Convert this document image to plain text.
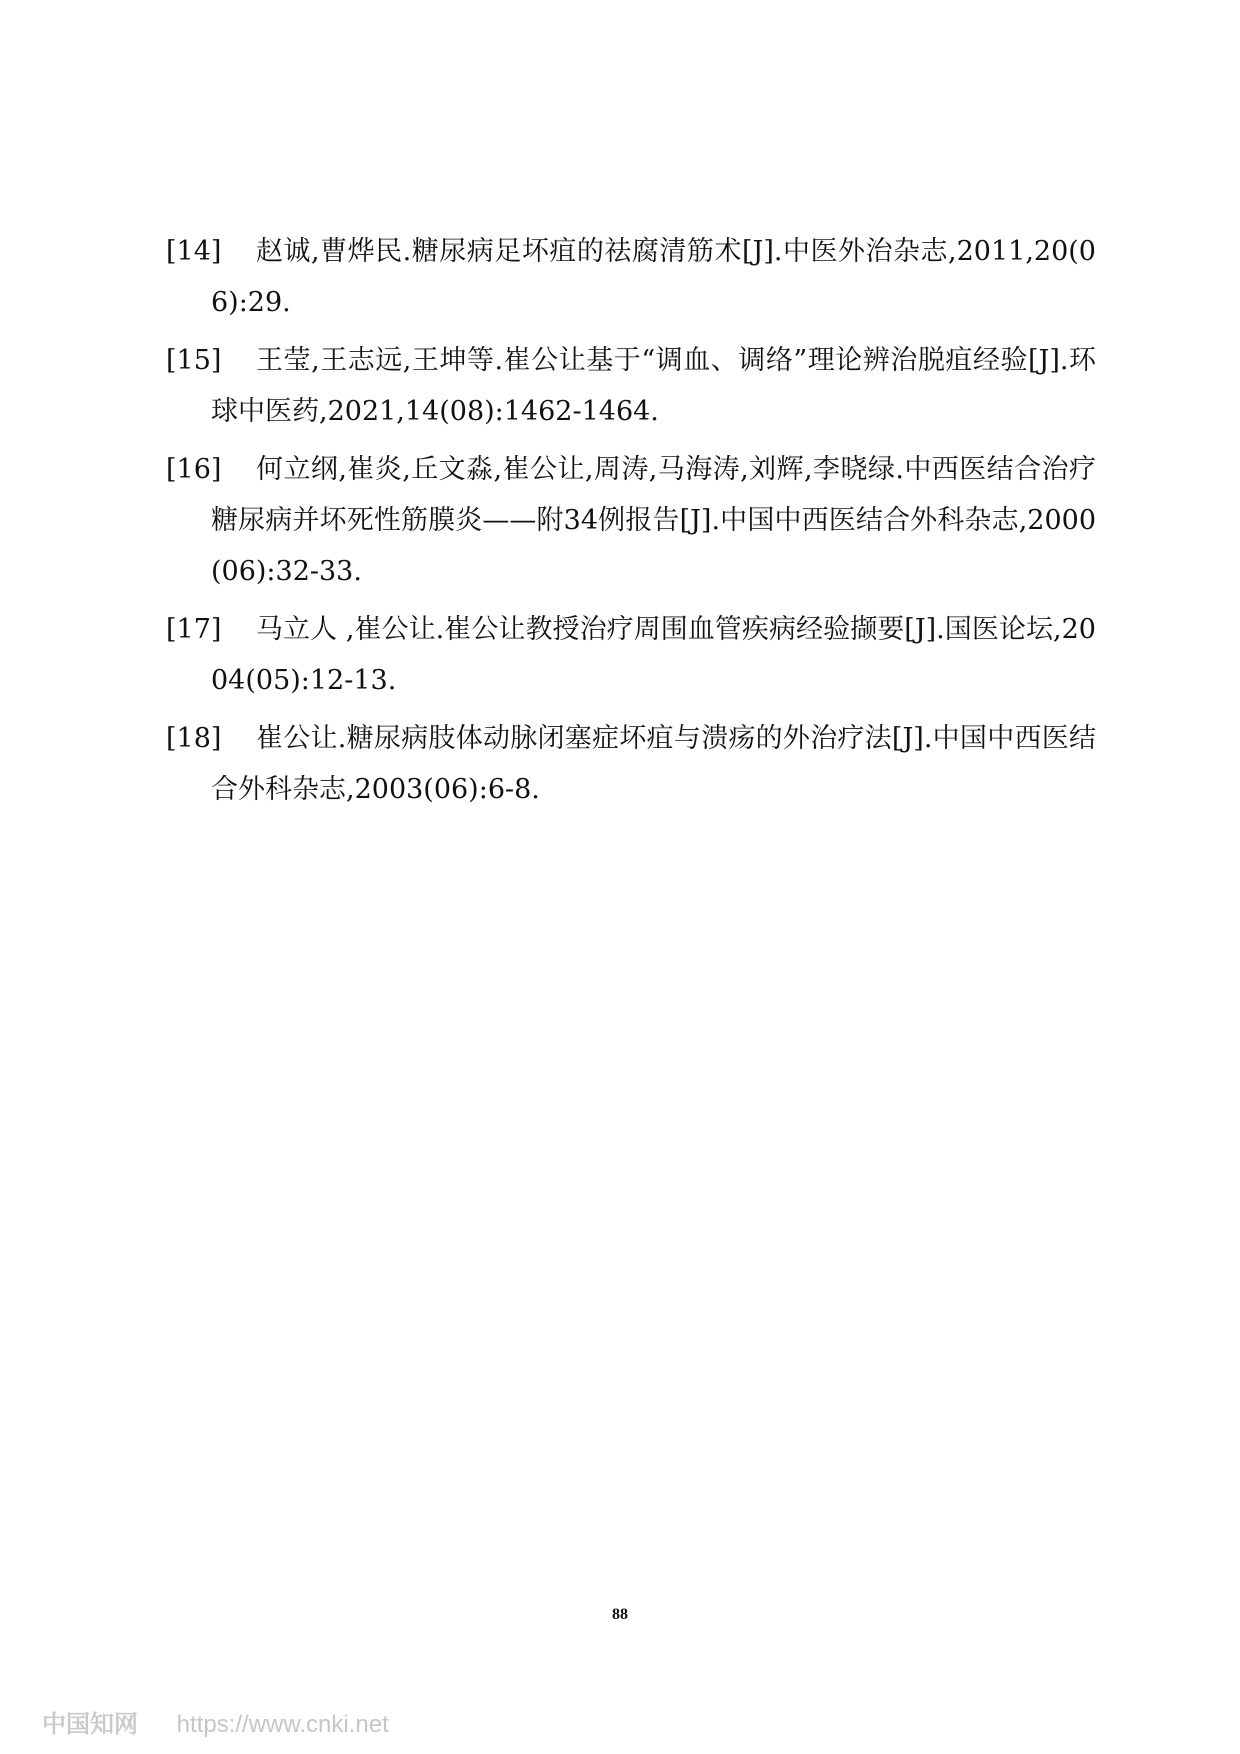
[14]	赵诚,曹烨民.糖尿病足坏疽的祛腐清筋术[J].中医外治杂志,2011,20(06):29.
[15]	王莹,王志远,王坤等.崔公让基于“调血、调络”理论辨治脱疽经验[J].环球中医药,2021,14(08):1462-1464.
[16]	何立纲,崔炎,丘文淼,崔公让,周涛,马海涛,刘辉,李晓绿.中西医结合治疗糖尿病并坏死性筋膜炎——附34例报告[J].中国中西医结合外科杂志,2000(06):32-33.
[17]	马立人 ,崔公让.崔公让教授治疗周围血管疾病经验撷要[J].国医论坛,2004(05):12-13.
[18]	崔公让.糖尿病肢体动脉闭塞症坏疽与溃疡的外治疗法[J].中国中西医结合外科杂志,2003(06):6-8.
88
中国知网 https://www.cnki.net
